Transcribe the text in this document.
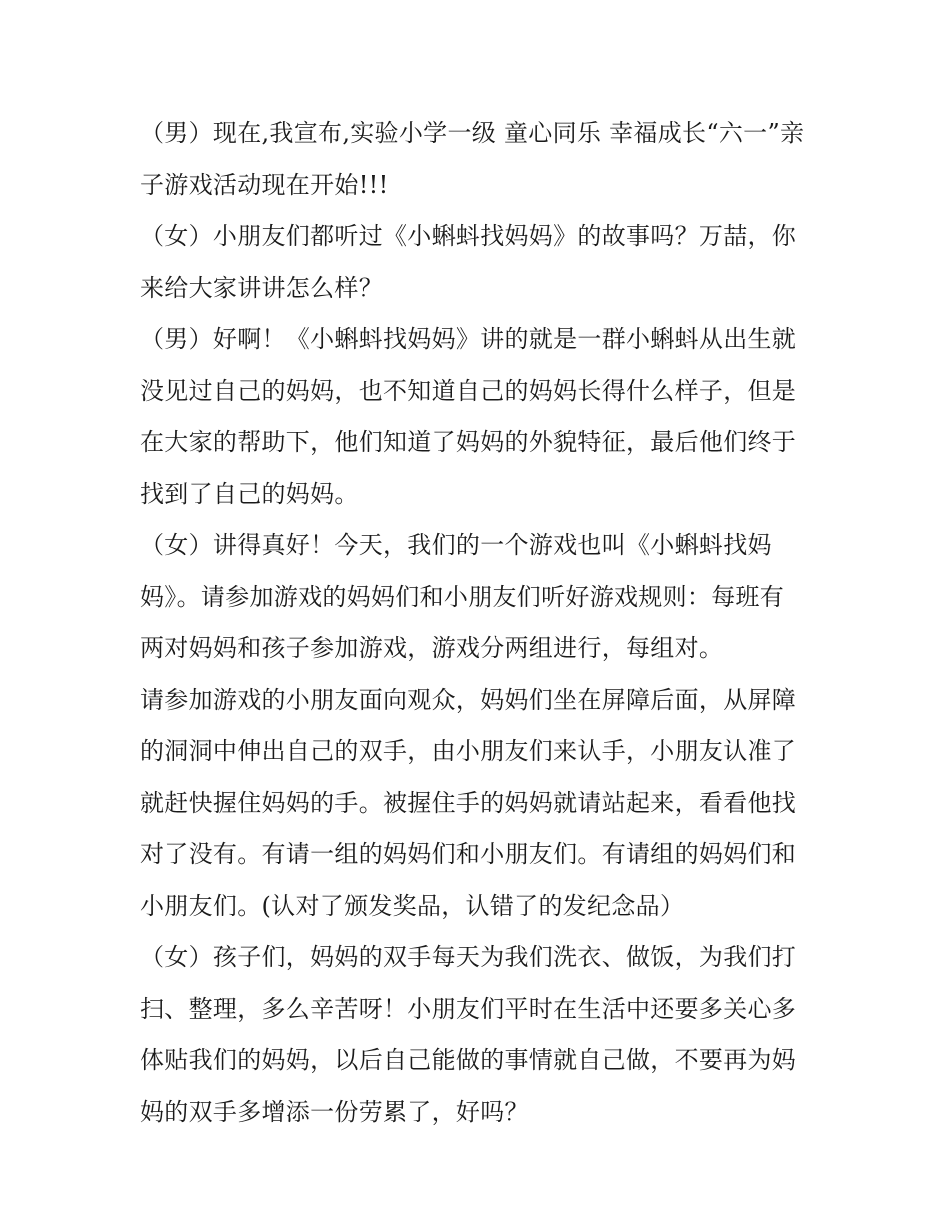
（男）现在,我宣布,实验小学一级 童心同乐 幸福成长“六一”亲
子游戏活动现在开始!!!
（女）小朋友们都听过《小蝌蚪找妈妈》的故事吗？万喆，你
来给大家讲讲怎么样？
（男）好啊！《小蝌蚪找妈妈》讲的就是一群小蝌蚪从出生就
没见过自己的妈妈，也不知道自己的妈妈长得什么样子，但是
在大家的帮助下，他们知道了妈妈的外貌特征，最后他们终于
找到了自己的妈妈。
（女）讲得真好！今天，我们的一个游戏也叫《小蝌蚪找妈
妈》。请参加游戏的妈妈们和小朋友们听好游戏规则：每班有
两对妈妈和孩子参加游戏，游戏分两组进行，每组对。
请参加游戏的小朋友面向观众，妈妈们坐在屏障后面，从屏障
的洞洞中伸出自己的双手，由小朋友们来认手，小朋友认准了
就赶快握住妈妈的手。被握住手的妈妈就请站起来，看看他找
对了没有。有请一组的妈妈们和小朋友们。有请组的妈妈们和
小朋友们。(认对了颁发奖品，认错了的发纪念品）
（女）孩子们，妈妈的双手每天为我们洗衣、做饭，为我们打
扫、整理，多么辛苦呀！小朋友们平时在生活中还要多关心多
体贴我们的妈妈，以后自己能做的事情就自己做，不要再为妈
妈的双手多增添一份劳累了，好吗？
